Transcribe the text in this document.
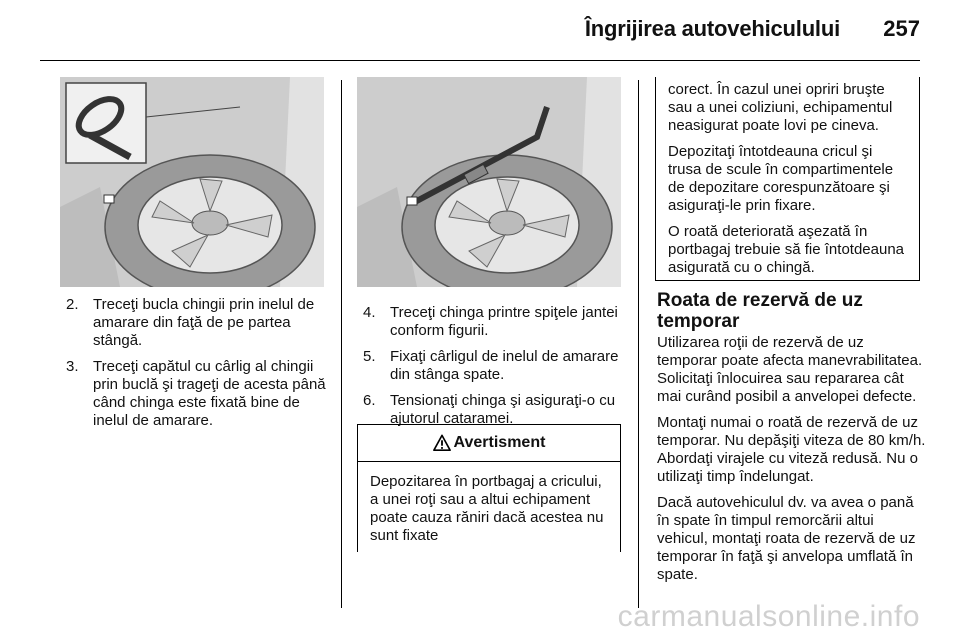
Îngrijirea autovehiculului 257
2. Treceţi bucla chingii prin inelul de amarare din faţă de pe partea stângă.
3. Treceţi capătul cu cârlig al chingii prin buclă şi trageţi de acesta până când chinga este fixată bine de inelul de amarare.
4. Treceţi chinga printre spiţele jantei conform figurii.
5. Fixaţi cârligul de inelul de amarare din stânga spate.
6. Tensionaţi chinga şi asiguraţi-o cu ajutorul cataramei.
Avertisment
Depozitarea în portbagaj a cricului, a unei roţi sau a altui echipament poate cauza răniri dacă acestea nu sunt fixate

corect. În cazul unei opriri bruşte sau a unei coliziuni, echipamentul neasigurat poate lovi pe cineva.

Depozitaţi întotdeauna cricul şi trusa de scule în compartimentele de depozitare corespunzătoare şi asiguraţi-le prin fixare.

O roată deteriorată aşezată în portbagaj trebuie să fie întotdeauna asigurată cu o chingă.

Roata de rezervă de uz temporar

Utilizarea roţii de rezervă de uz temporar poate afecta manevrabilitatea. Solicitaţi înlocuirea sau repararea cât mai curând posibil a anvelopei defecte.

Montaţi numai o roată de rezervă de uz temporar. Nu depăşiţi viteza de 80 km/h. Abordaţi virajele cu viteză redusă. Nu o utilizaţi timp îndelungat.

Dacă autovehiculul dv. va avea o pană în spate în timpul remorcării altui vehicul, montaţi roata de rezervă de uz temporar în faţă şi anvelopa umflată în spate.

carmanualsonline.info
